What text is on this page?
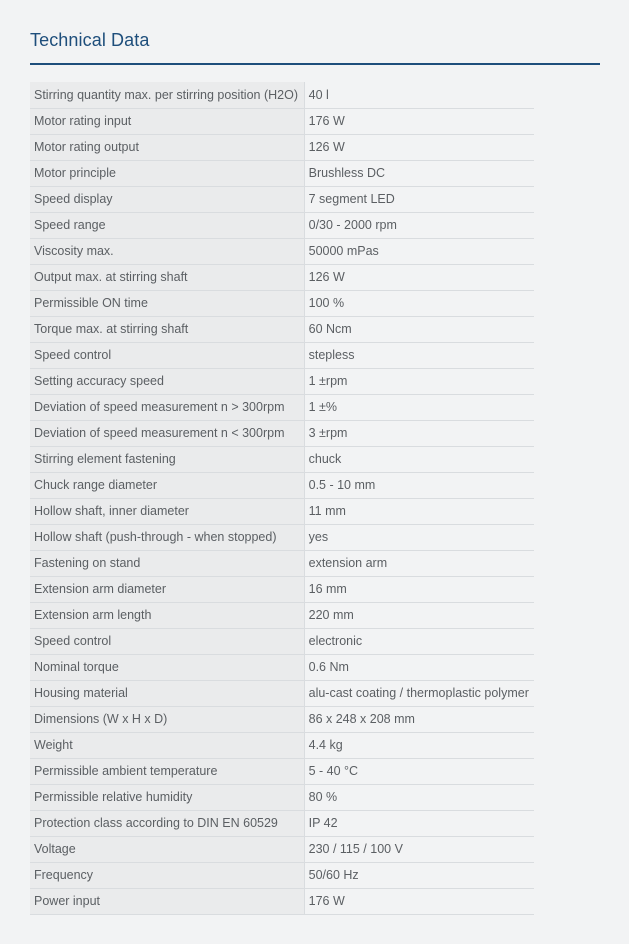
Technical Data
Stirring quantity max. per stirring position (H2O)	40 l
Motor rating input	176 W
Motor rating output	126 W
Motor principle	Brushless DC
Speed display	7 segment LED
Speed range	0/30 - 2000 rpm
Viscosity max.	50000 mPas
Output max. at stirring shaft	126 W
Permissible ON time	100 %
Torque max. at stirring shaft	60 Ncm
Speed control	stepless
Setting accuracy speed	1 ±rpm
Deviation of speed measurement n > 300rpm	1 ±%
Deviation of speed measurement n < 300rpm	3 ±rpm
Stirring element fastening	chuck
Chuck range diameter	0.5 - 10 mm
Hollow shaft, inner diameter	11 mm
Hollow shaft (push-through - when stopped)	yes
Fastening on stand	extension arm
Extension arm diameter	16 mm
Extension arm length	220 mm
Speed control	electronic
Nominal torque	0.6 Nm
Housing material	alu-cast coating / thermoplastic polymer
Dimensions (W x H x D)	86 x 248 x 208 mm
Weight	4.4 kg
Permissible ambient temperature	5 - 40 °C
Permissible relative humidity	80 %
Protection class according to DIN EN 60529	IP 42
Voltage	230 / 115 / 100 V
Frequency	50/60 Hz
Power input	176 W
